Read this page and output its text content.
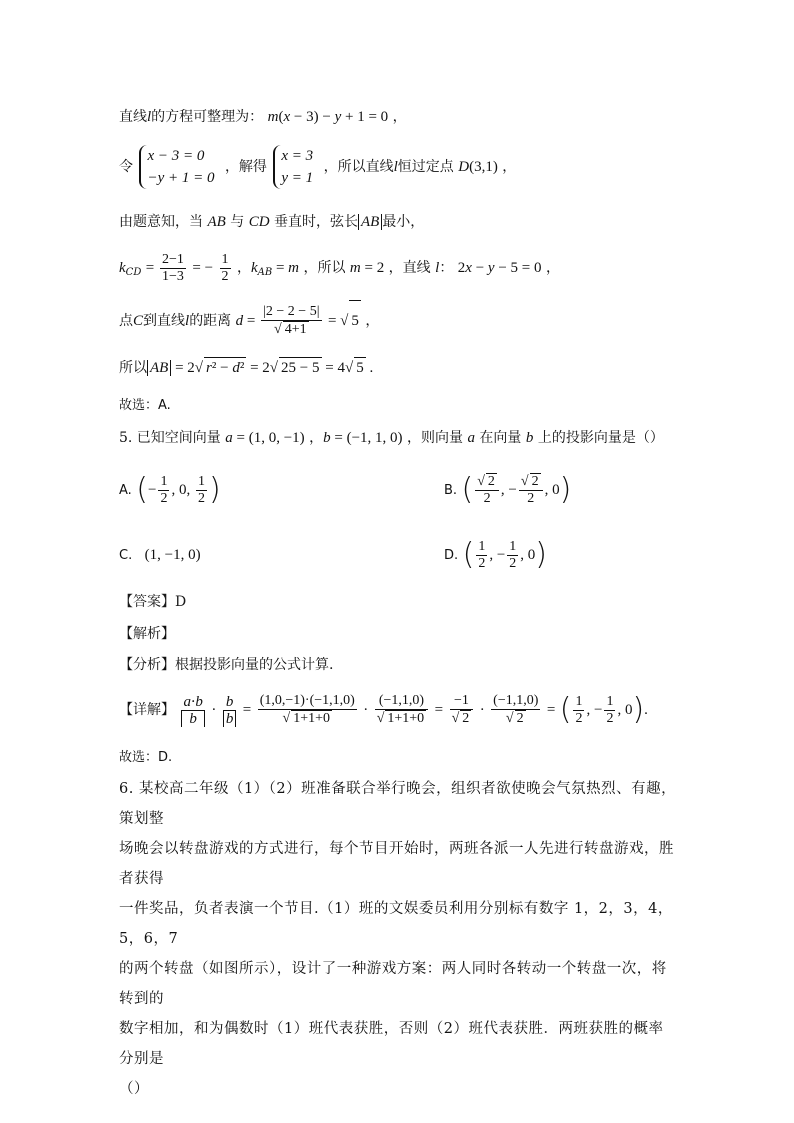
直线l的方程可整理为： m(x − 3) − y + 1 = 0 ，
令
x − 3 = 0
−y + 1 = 0
，解得
x = 3
y = 1
，所以直线l恒过定点 D(3,1) ，
由题意知，当 AB 与 CD 垂直时，弦长 AB 最小，
$k_{CD} = \frac{2-1}{1-3}$ = − $\frac{1}{2}$ ，$k_{AB} = m$ ，所以 m = 2 ，直线 l： 2x − y − 5 = 0 ，
点C到直线l的距离 $d = \frac{|2 - 2 - 5|}{√ 4+1}$ = √ 5 ，
所以 AB = 2√ r² − d² = 2√ 25 − 5 = 4√ 5 .
故选：A.
5. 已知空间向量 a = (1, 0, −1) ，b = (−1, 1, 0) ，则向量 a 在向量 b 上的投影向量是（）
A. (− $\frac{1}{2}$ , 0, $\frac{1}{2}$ )	B. ( $\frac{√ 2}{2}$ , − $\frac{√ 2}{2}$ , 0)
C. (1, −1, 0)	D. ( $\frac{1}{2}$ , − $\frac{1}{2}$ , 0)
【答案】D
【解析】
【分析】根据投影向量的公式计算.
【详解】 $\frac{a\cdot b}{b} \cdot \frac{b}{b} = \frac{(1,0,-1)\cdot(-1,1,0)}{√ 1+1+0} \cdot \frac{(-1,1,0)}{√ 1+1+0} = \frac{-1}{√ 2} \cdot \frac{(-1,1,0)}{√ 2}$ = ( $\frac{1}{2}$ , − $\frac{1}{2}$ , 0).
故选：D.
6. 某校高二年级（1）（2）班准备联合举行晚会，组织者欲使晚会气氛热烈、有趣，策划整
场晚会以转盘游戏的方式进行，每个节目开始时，两班各派一人先进行转盘游戏，胜者获得
一件奖品，负者表演一个节目.（1）班的文娱委员利用分别标有数字 1，2，3，4，5，6，7
的两个转盘（如图所示），设计了一种游戏方案：两人同时各转动一个转盘一次，将转到的
数字相加，和为偶数时（1）班代表获胜，否则（2）班代表获胜．两班获胜的概率分别是
（）
